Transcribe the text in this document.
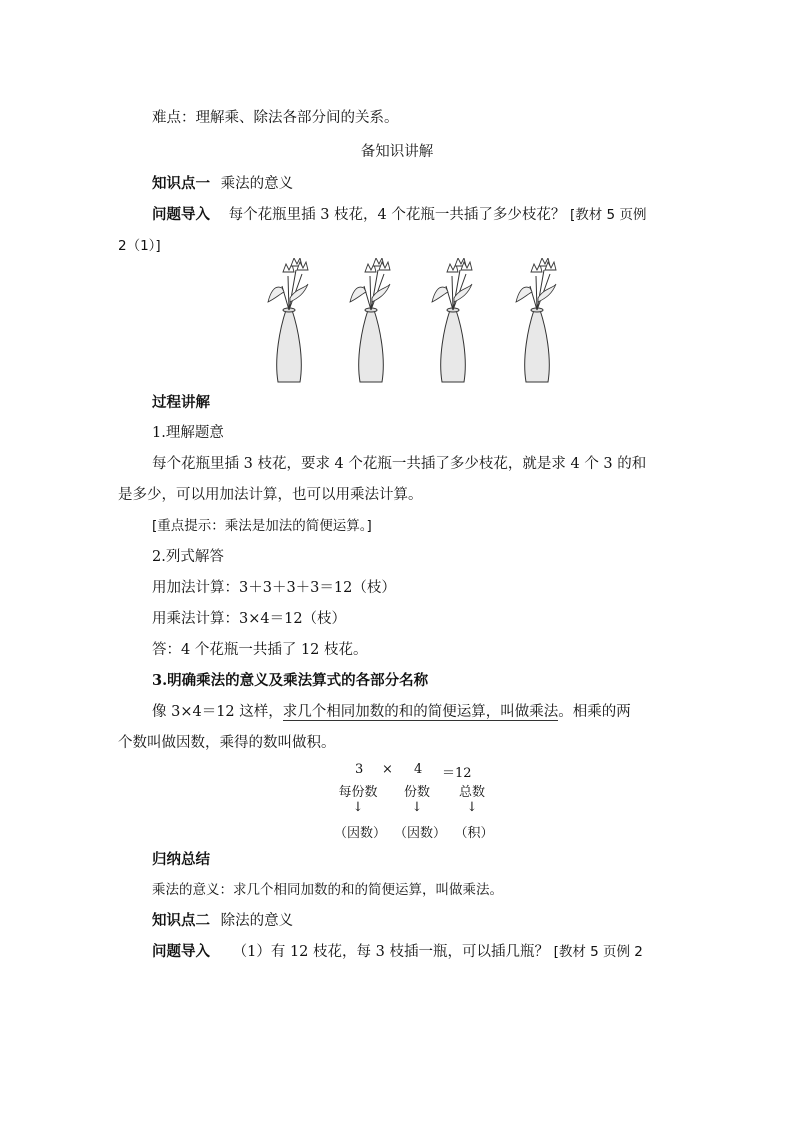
难点：理解乘、除法各部分间的关系。
备知识讲解
知识点一 乘法的意义
问题导入 每个花瓶里插 3 枝花，4 个花瓶一共插了多少枝花？ [教材 5 页例
2（1）]
过程讲解
1.理解题意
每个花瓶里插 3 枝花，要求 4 个花瓶一共插了多少枝花，就是求 4 个 3 的和
是多少，可以用加法计算，也可以用乘法计算。
[重点提示：乘法是加法的简便运算。]
2.列式解答
用加法计算：3＋3＋3＋3＝12（枝）
用乘法计算：3×4＝12（枝）
答：4 个花瓶一共插了 12 枝花。
3.明确乘法的意义及乘法算式的各部分名称
像 3×4＝12 这样，求几个相同加数的和的简便运算，叫做乘法。相乘的两
个数叫做因数，乘得的数叫做积。
3 × 4 ＝12
每份数	份数	总数
↓	↓	↓
（因数） （因数） （积）
归纳总结
乘法的意义：求几个相同加数的和的简便运算，叫做乘法。
知识点二 除法的意义
问题导入 （1）有 12 枝花，每 3 枝插一瓶，可以插几瓶？ [教材 5 页例 2
